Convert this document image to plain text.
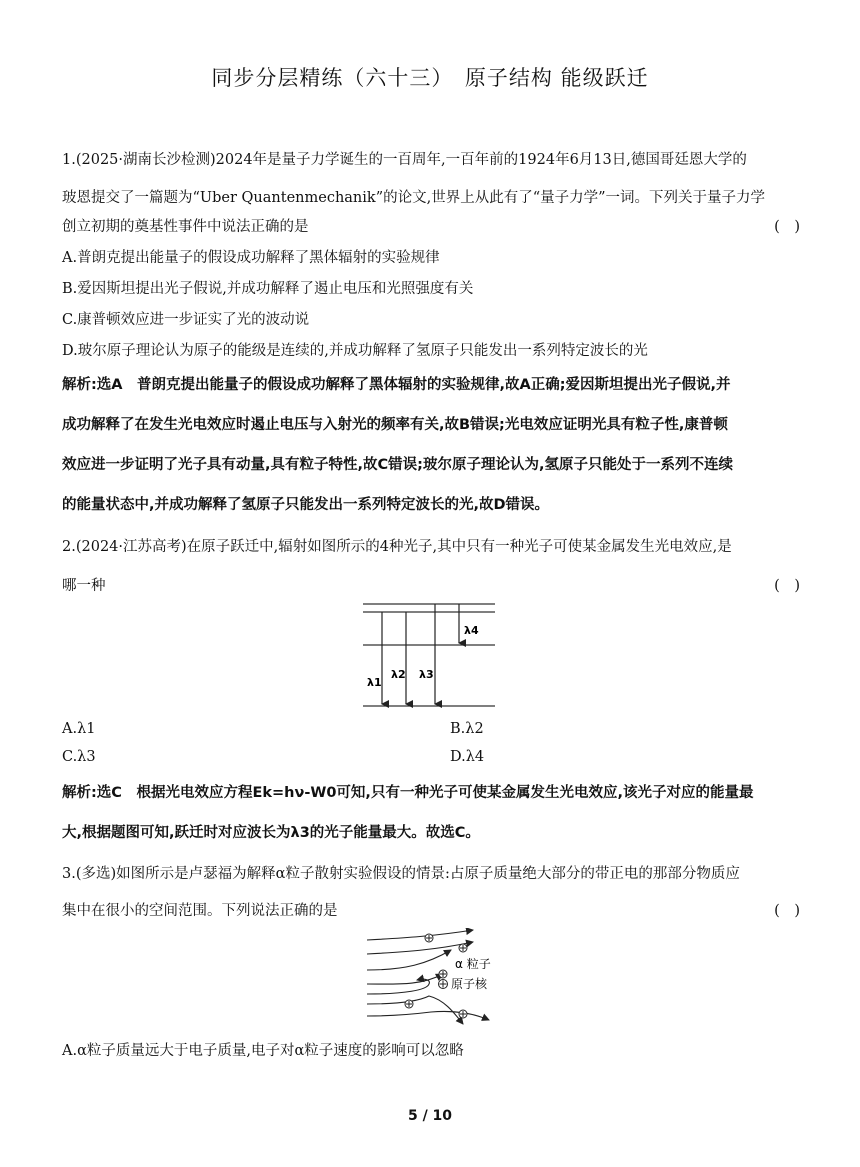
同步分层精练（六十三）　原子结构 能级跃迁
1.(2025·湖南长沙检测)2024年是量子力学诞生的一百周年,一百年前的1924年6月13日,德国哥廷恩大学的
玻恩提交了一篇题为“Uber Quantenmechanik”的论文,世界上从此有了“量子力学”一词。下列关于量子力学
创立初期的奠基性事件中说法正确的是	(　)
A.普朗克提出能量子的假设成功解释了黑体辐射的实验规律
B.爱因斯坦提出光子假说,并成功解释了遏止电压和光照强度有关
C.康普顿效应进一步证实了光的波动说
D.玻尔原子理论认为原子的能级是连续的,并成功解释了氢原子只能发出一系列特定波长的光
解析:选A　普朗克提出能量子的假设成功解释了黑体辐射的实验规律,故A正确;爱因斯坦提出光子假说,并
成功解释了在发生光电效应时遏止电压与入射光的频率有关,故B错误;光电效应证明光具有粒子性,康普顿
效应进一步证明了光子具有动量,具有粒子特性,故C错误;玻尔原子理论认为,氢原子只能处于一系列不连续
的能量状态中,并成功解释了氢原子只能发出一系列特定波长的光,故D错误。
2.(2024·江苏高考)在原子跃迁中,辐射如图所示的4种光子,其中只有一种光子可使某金属发生光电效应,是
哪一种	(　)
λ1
λ2 λ3
λ4
A.λ1	B.λ2
C.λ3	D.λ4
解析:选C　根据光电效应方程Ek=hν-W0可知,只有一种光子可使某金属发生光电效应,该光子对应的能量最
大,根据题图可知,跃迁时对应波长为λ3的光子能量最大。故选C。
3.(多选)如图所示是卢瑟福为解释α粒子散射实验假设的情景:占原子质量绝大部分的带正电的那部分物质应
集中在很小的空间范围。下列说法正确的是	(　)
α 粒子
原子核
A.α粒子质量远大于电子质量,电子对α粒子速度的影响可以忽略
5 / 10
